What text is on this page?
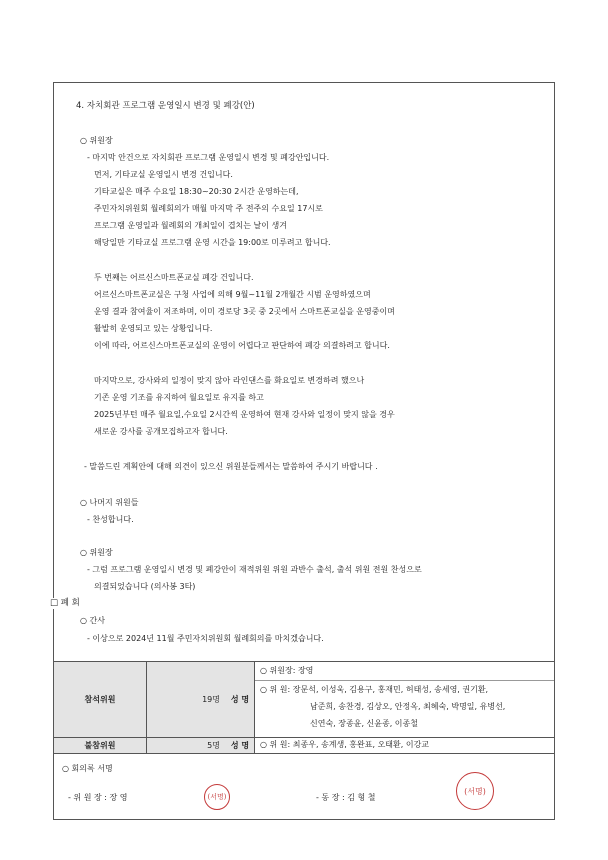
4. 자치회관 프로그램 운영일시 변경 및 폐강(안)
○ 위원장
- 마지막 안건으로 자치회관 프로그램 운영일시 변경 및 폐강안입니다.
먼저, 기타교실 운영일시 변경 건입니다.
기타교실은 매주 수요일 18:30~20:30 2시간 운영하는데,
주민자치위원회 월례회의가 매월 마지막 주 전주의 수요일 17시로
프로그램 운영일과 월례회의 개최일이 겹치는 날이 생겨
해당일만 기타교실 프로그램 운영 시간을 19:00로 미루려고 합니다.
두 번째는 어르신스마트폰교실 폐강 건입니다.
어르신스마트폰교실은 구청 사업에 의해 9월~11월 2개월간 시범 운영하였으며
운영 결과 참여율이 저조하며, 이미 경로당 3곳 중 2곳에서 스마트폰교실을 운영중이며
활발히 운영되고 있는 상황입니다.
이에 따라, 어르신스마트폰교실의 운영이 어렵다고 판단하여 폐강 의결하려고 합니다.
마지막으로, 강사와의 일정이 맞지 않아 라인댄스를 화요일로 변경하려 했으나
기존 운영 기조를 유지하여 월요일로 유지를 하고
2025년부턴 매주 월요일,수요일 2시간씩 운영하여 현재 강사와 일정이 맞지 않을 경우
새로운 강사를 공개모집하고자 합니다.
- 말씀드린 계획안에 대해 의견이 있으신 위원분들께서는 말씀하여 주시기 바랍니다 .
○ 나머지 위원들
- 찬성합니다.
○ 위원장
- 그럼 프로그램 운영일시 변경 및 폐강안이 재적위원 위원 과반수 출석, 출석 위원 전원 찬성으로
의결되었습니다 (의사봉 3타)
□ 폐 회
○ 간사
- 이상으로 2024년 11월 주민자치위원회 월례회의를 마치겠습니다.
참석위원	19명	성 명
○ 위원장: 장영
○ 위 원: 장문석, 이성욱, 김용구, 홍재민, 허태성, 송세영, 권기환,
남준희, 송찬경, 김상오, 안정옥, 최혜숙, 박명일, 유병선,
신연숙, 장종윤, 신윤종, 이종철
불참위원	5명	성 명	○ 위 원: 최종우, 송계생, 홍완표, 오태환, 이강교
○ 회의록 서명
- 위 원 장 : 장 영	(서명)	- 동 장 : 김 형 철
(서명)
